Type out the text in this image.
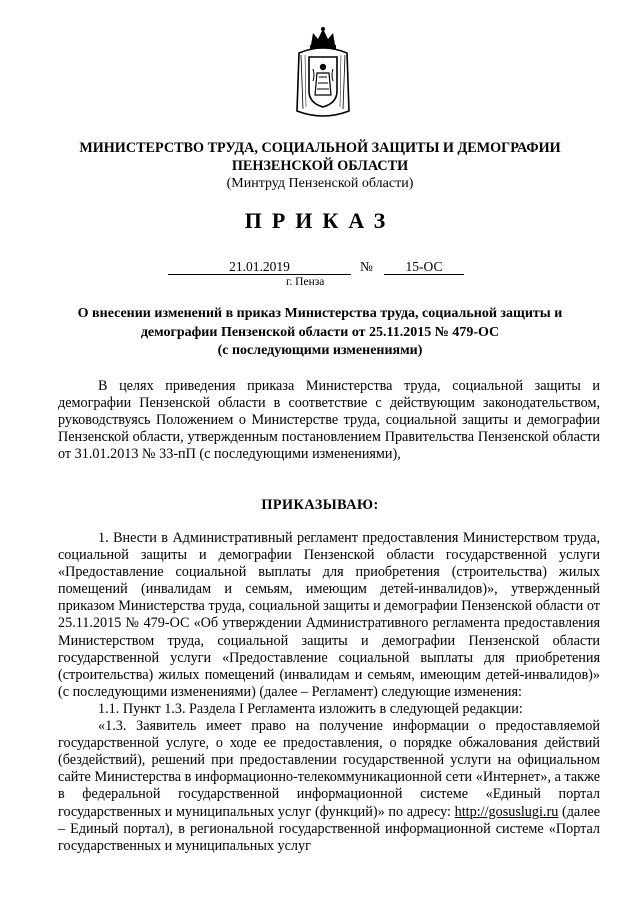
МИНИСТЕРСТВО ТРУДА, СОЦИАЛЬНОЙ ЗАЩИТЫ И ДЕМОГРАФИИ
ПЕНЗЕНСКОЙ ОБЛАСТИ
(Минтруд Пензенской области)
ПРИКАЗ
21.01.2019	№	15-ОС
г. Пенза
О внесении изменений в приказ Министерства труда, социальной защиты и
демографии Пензенской области от 25.11.2015 № 479-ОС
(с последующими изменениями)

В целях приведения приказа Министерства труда, социальной защиты и демографии Пензенской области в соответствие с действующим законодательством, руководствуясь Положением о Министерстве труда, социальной защиты и демографии Пензенской области, утвержденным постановлением Правительства Пензенской области от 31.01.2013 № 33-пП (с последующими изменениями),

ПРИКАЗЫВАЮ:

1. Внести в Административный регламент предоставления Министерством труда, социальной защиты и демографии Пензенской области государственной услуги «Предоставление социальной выплаты для приобретения (строительства) жилых помещений (инвалидам и семьям, имеющим детей-инвалидов)», утвержденный приказом Министерства труда, социальной защиты и демографии Пензенской области от 25.11.2015 № 479-ОС «Об утверждении Административного регламента предоставления Министерством труда, социальной защиты и демографии Пензенской области государственной услуги «Предоставление социальной выплаты для приобретения (строительства) жилых помещений (инвалидам и семьям, имеющим детей-инвалидов)» (с последующими изменениями) (далее – Регламент) следующие изменения:

1.1. Пункт 1.3. Раздела I Регламента изложить в следующей редакции:

«1.3. Заявитель имеет право на получение информации о предоставляемой государственной услуге, о ходе ее предоставления, о порядке обжалования действий (бездействий), решений при предоставлении государственной услуги на официальном сайте Министерства в информационно-телекоммуникационной сети «Интернет», а также в федеральной государственной информационной системе «Единый портал государственных и муниципальных услуг (функций)» по адресу: http://gosuslugi.ru (далее – Единый портал), в региональной государственной информационной системе «Портал государственных и муниципальных услуг
